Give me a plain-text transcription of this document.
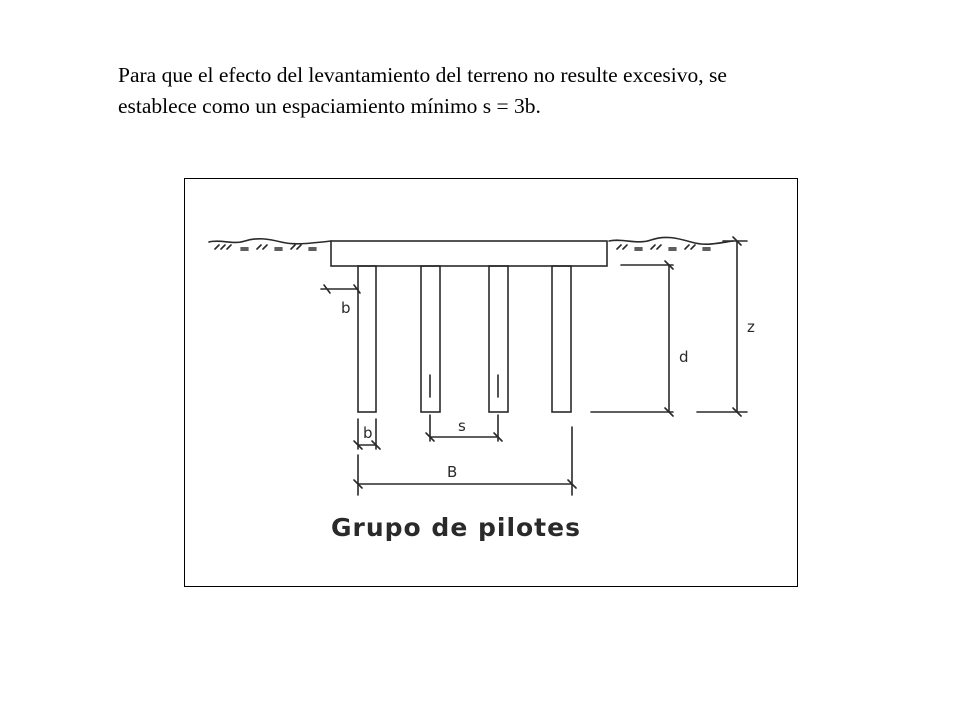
Para que el efecto del levantamiento del terreno no resulte excesivo, se
establece como un espaciamiento mínimo s = 3b.

b
b	s
B
d
z
Grupo de pilotes
